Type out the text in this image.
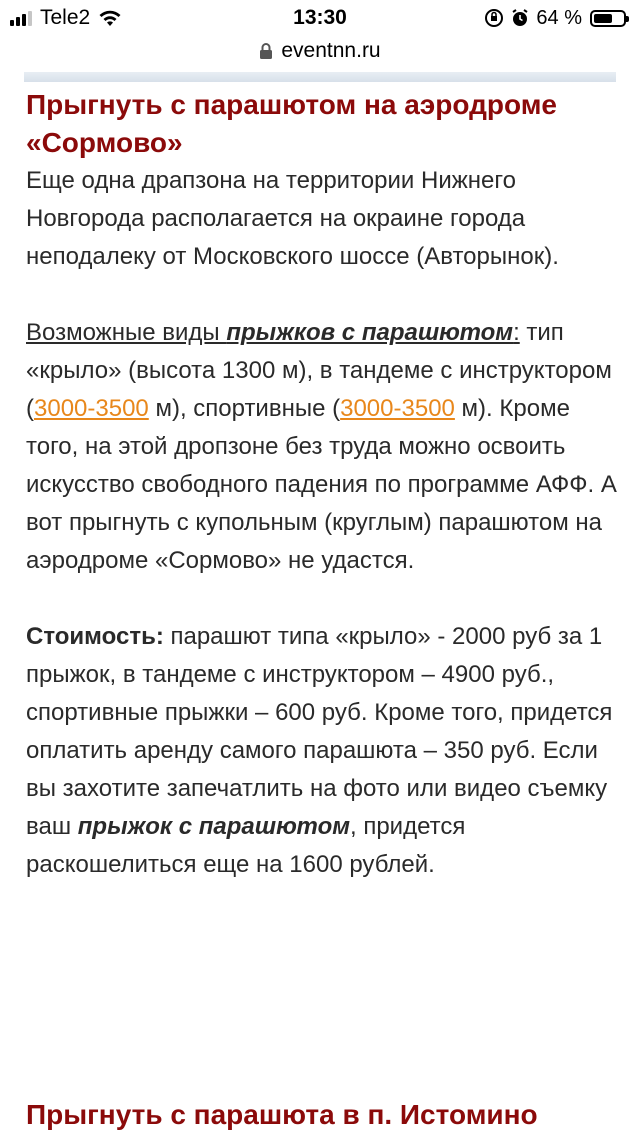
Tele2	13:30	64 %
eventnn.ru
Прыгнуть с парашютом на аэродроме «Сормово»

Еще одна драпзона на территории Нижнего Новгорода располагается на окраине города неподалеку от Московского шоссе (Авторынок).

Возможные виды прыжков с парашютом: тип «крыло» (высота 1300 м), в тандеме с инструктором (3000-3500 м), спортивные (3000-3500 м). Кроме того, на этой дропзоне без труда можно освоить искусство свободного падения по программе АФФ. А вот прыгнуть с купольным (круглым) парашютом на аэродроме «Сормово» не удастся.

Стоимость: парашют типа «крыло» - 2000 руб за 1 прыжок, в тандеме с инструктором – 4900 руб., спортивные прыжки – 600 руб. Кроме того, придется оплатить аренду самого парашюта – 350 руб. Если вы захотите запечатлить на фото или видео съемку ваш прыжок с парашютом, придется раскошелиться еще на 1600 рублей.

Прыгнуть с парашюта в п. Истомино
